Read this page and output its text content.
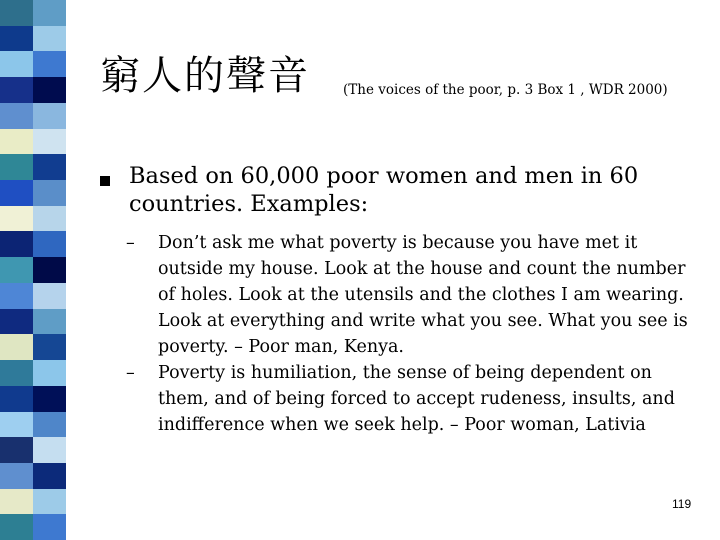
窮人的聲音 (The voices of the poor, p. 3 Box 1 , WDR 2000)
Based on 60,000 poor women and men in 60 countries. Examples:
– Don’t ask me what poverty is because you have met it outside my house. Look at the house and count the number of holes. Look at the utensils and the clothes I am wearing. Look at everything and write what you see. What you see is poverty. – Poor man, Kenya.
– Poverty is humiliation, the sense of being dependent on them, and of being forced to accept rudeness, insults, and indifference when we seek help. – Poor woman, Lativia
119
